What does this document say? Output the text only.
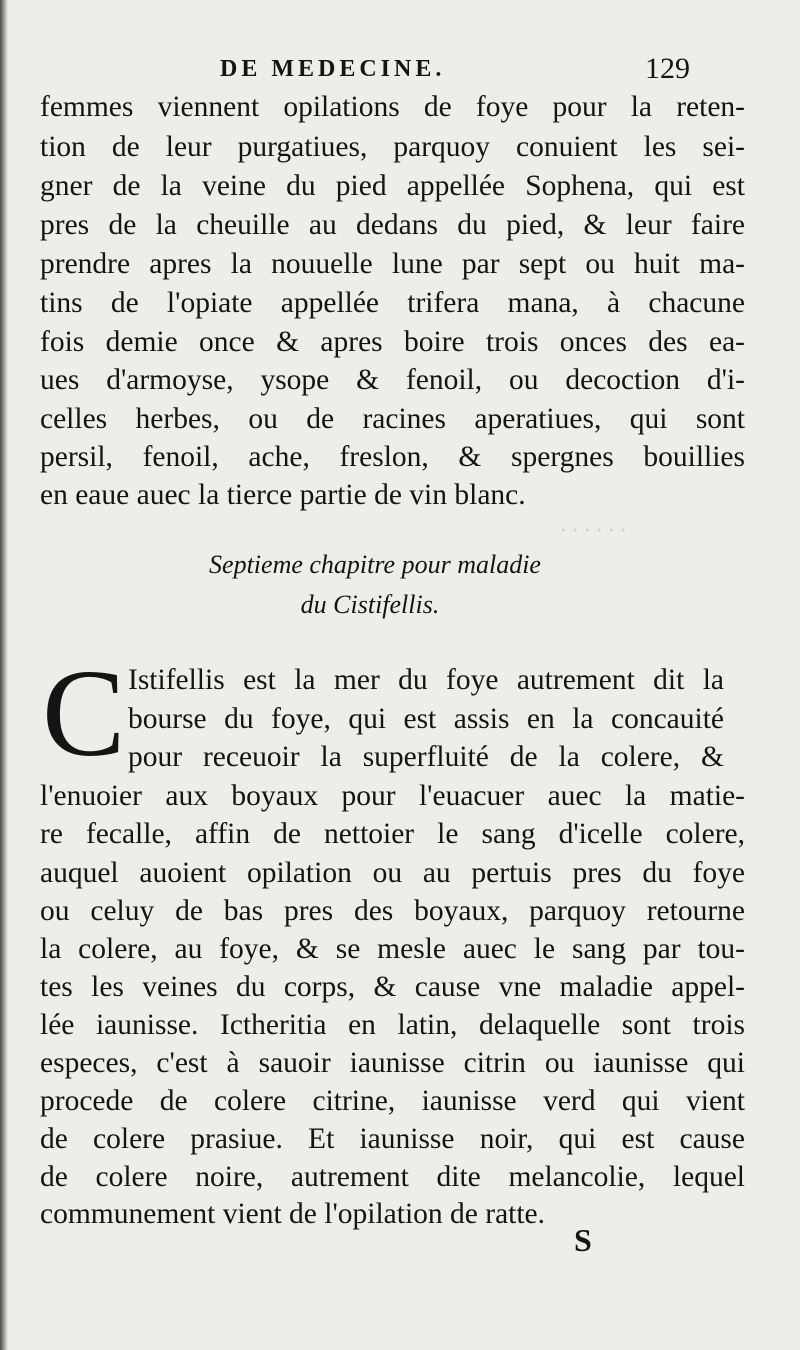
DE MEDECINE.	129
· · · · · ·
femmes viennent opilations de foye pour la reten-
tion de leur purgatiues, parquoy conuient les sei-
gner de la veine du pied appellée Sophena, qui est
pres de la cheuille au dedans du pied, & leur faire
prendre apres la nouuelle lune par sept ou huit ma-
tins de l'opiate appellée trifera mana, à chacune
fois demie once & apres boire trois onces des ea-
ues d'armoyse, ysope & fenoil, ou decoction d'i-
celles herbes, ou de racines aperatiues, qui sont
persil, fenoil, ache, freslon, & spergnes bouillies
en eaue auec la tierce partie de vin blanc.
Septieme chapitre pour maladie
du Cistifellis.
C Istifellis est la mer du foye autrement dit la
bourse du foye, qui est assis en la concauité
pour receuoir la superfluité de la colere, &
l'enuoier aux boyaux pour l'euacuer auec la matie-
re fecalle, affin de nettoier le sang d'icelle colere,
auquel auoient opilation ou au pertuis pres du foye
ou celuy de bas pres des boyaux, parquoy retourne
la colere, au foye, & se mesle auec le sang par tou-
tes les veines du corps, & cause vne maladie appel-
lée iaunisse. Ictheritia en latin, delaquelle sont trois
especes, c'est à sauoir iaunisse citrin ou iaunisse qui
procede de colere citrine, iaunisse verd qui vient
de colere prasiue. Et iaunisse noir, qui est cause
de colere noire, autrement dite melancolie, lequel
communement vient de l'opilation de ratte.
S
